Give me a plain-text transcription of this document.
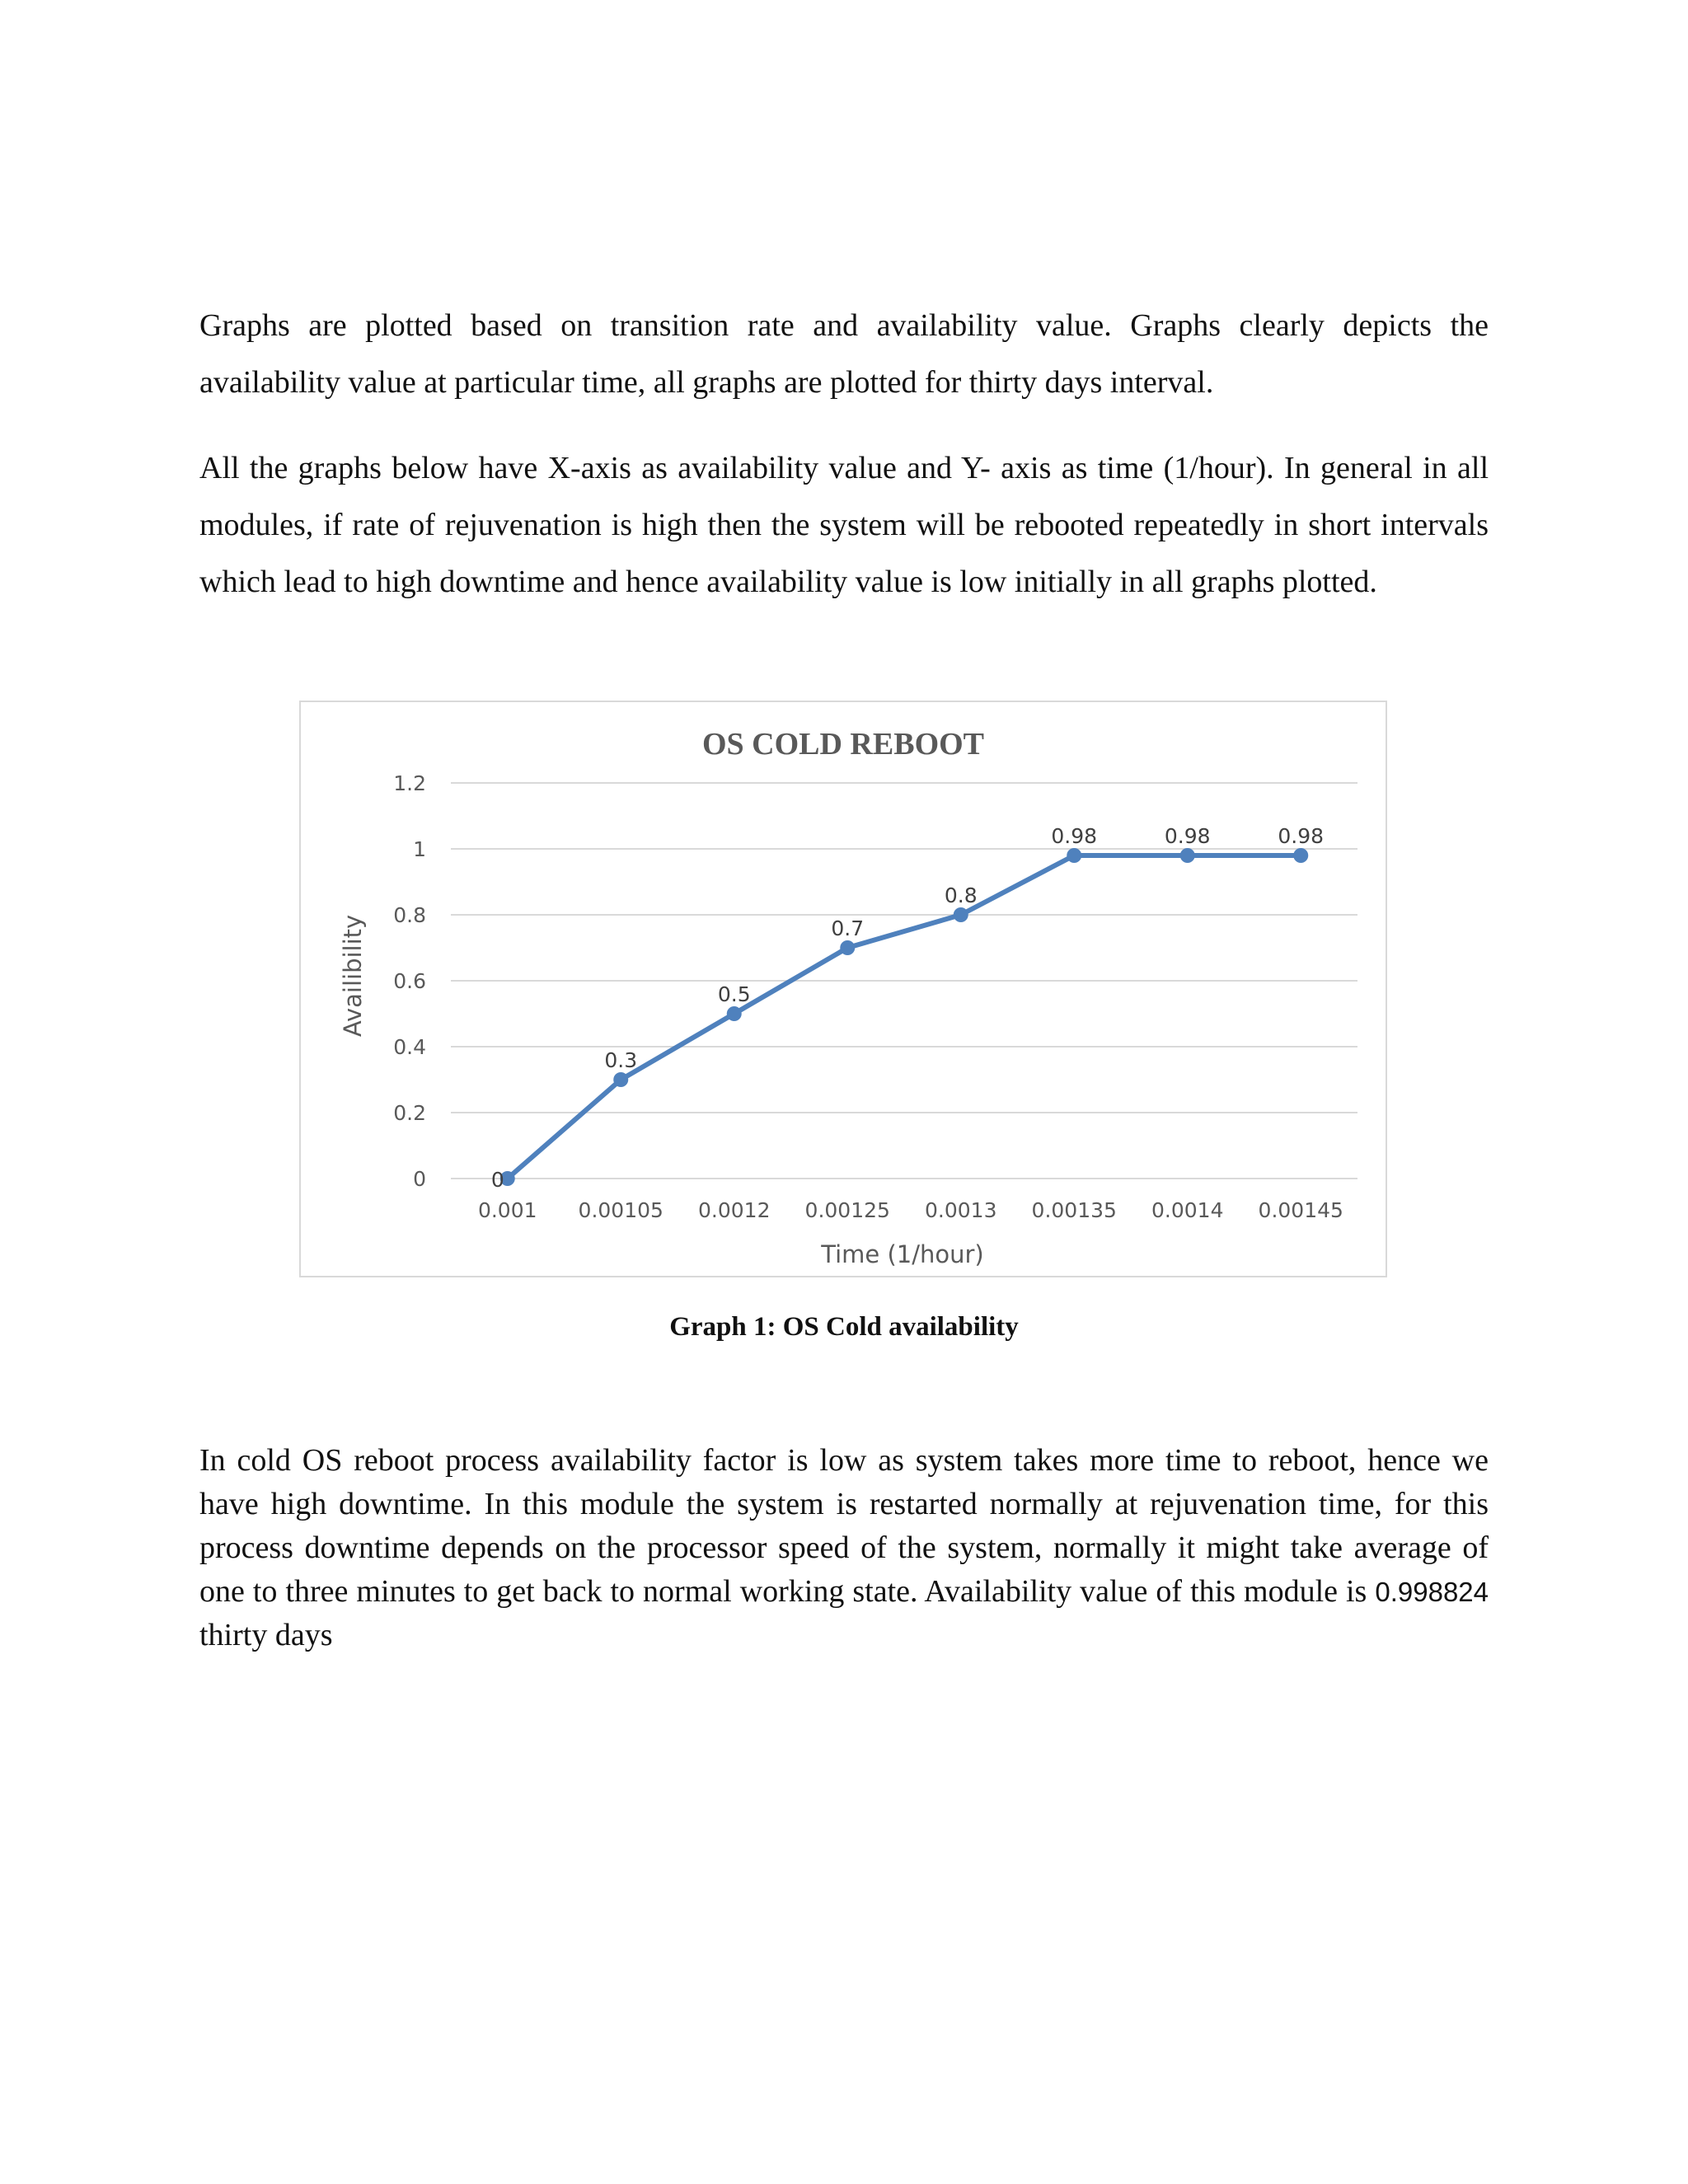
Graphs are plotted based on transition rate and availability value. Graphs clearly depicts the availability value at particular time, all graphs are plotted for thirty days interval.

All the graphs below have X-axis as availability value and Y- axis as time (1/hour). In general in all modules, if rate of rejuvenation is high then the system will be rebooted repeatedly in short intervals which lead to high downtime and hence availability value is low initially in all graphs plotted.

0
0.2
0.4
0.6
0.8
1
1.2
0.001 0.00105 0.0012 0.00125 0.0013 0.00135 0.0014 0.00145
0
0.3
0.5
0.7
0.8
0.98	0.98	0.98
OS COLD REBOOT
Time (1/hour)
Availibility

Graph 1: OS Cold availability

In cold OS reboot process availability factor is low as system takes more time to reboot, hence we have high downtime. In this module the system is restarted normally at rejuvenation time, for this process downtime depends on the processor speed of the system, normally it might take average of one to three minutes to get back to normal working state. Availability value of this module is 0.998824 thirty days
